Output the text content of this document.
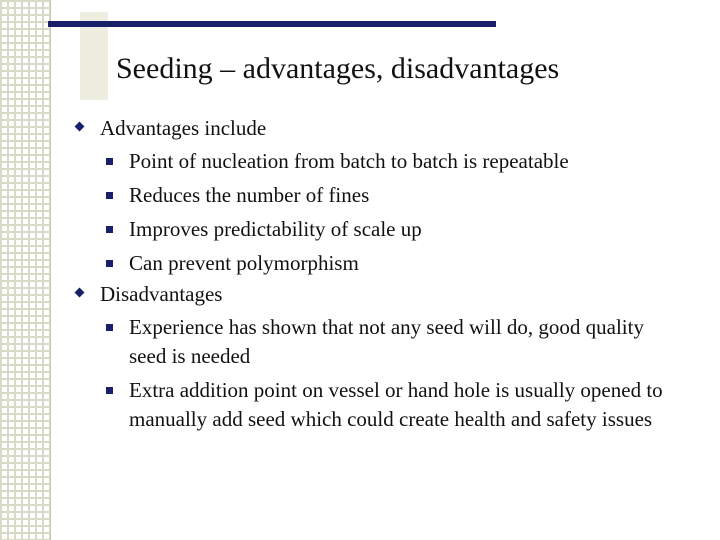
Seeding – advantages, disadvantages
Advantages include
Point of nucleation from batch to batch is repeatable
Reduces the number of fines
Improves predictability of scale up
Can prevent polymorphism
Disadvantages
Experience has shown that not any seed will do, good quality seed is needed
Extra addition point on vessel or hand hole is usually opened to manually add seed which could create health and safety issues
